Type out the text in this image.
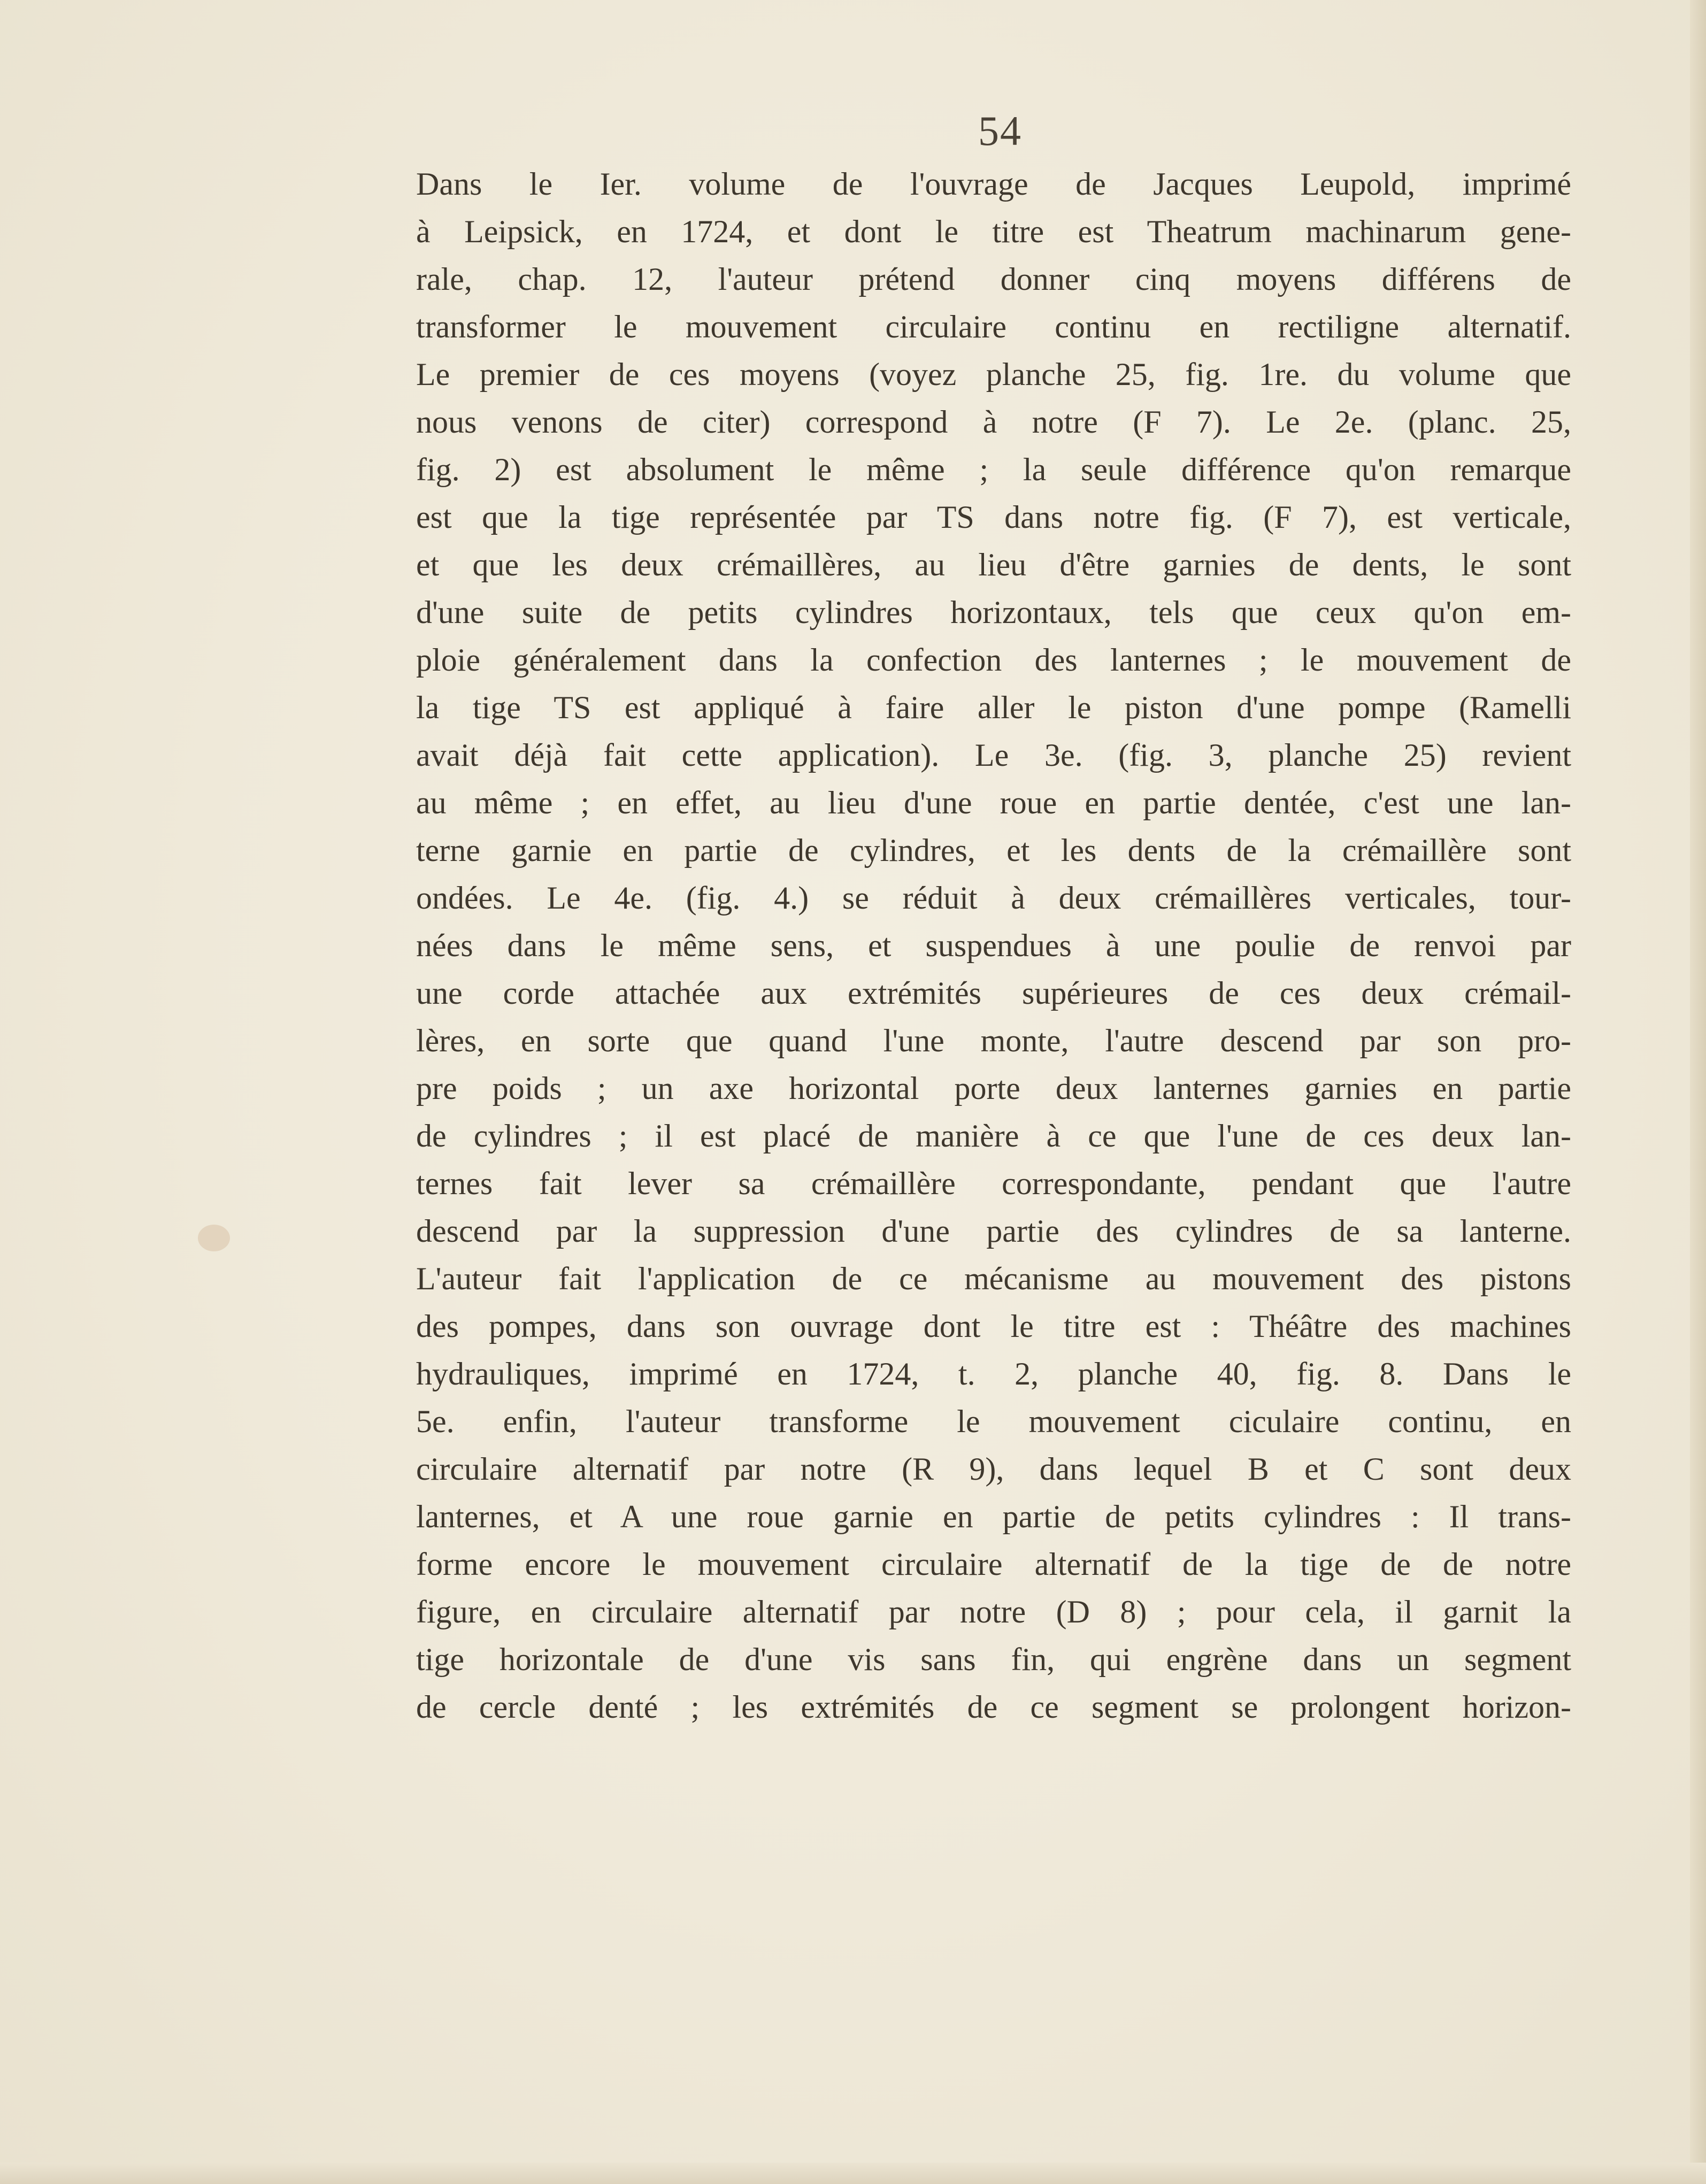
54
Dans le Ier. volume de l'ouvrage de Jacques Leupold, imprimé
à Leipsick, en 1724, et dont le titre est Theatrum machinarum gene-
rale, chap. 12, l'auteur prétend donner cinq moyens différens de
transformer le mouvement circulaire continu en rectiligne alternatif.
Le premier de ces moyens (voyez planche 25, fig. 1re. du volume que
nous venons de citer) correspond à notre (F 7). Le 2e. (planc. 25,
fig. 2) est absolument le même ; la seule différence qu'on remarque
est que la tige représentée par TS dans notre fig. (F 7), est verticale,
et que les deux crémaillères, au lieu d'être garnies de dents, le sont
d'une suite de petits cylindres horizontaux, tels que ceux qu'on em-
ploie généralement dans la confection des lanternes ; le mouvement de
la tige TS est appliqué à faire aller le piston d'une pompe (Ramelli
avait déjà fait cette application). Le 3e. (fig. 3, planche 25) revient
au même ; en effet, au lieu d'une roue en partie dentée, c'est une lan-
terne garnie en partie de cylindres, et les dents de la crémaillère sont
ondées. Le 4e. (fig. 4.) se réduit à deux crémaillères verticales, tour-
nées dans le même sens, et suspendues à une poulie de renvoi par
une corde attachée aux extrémités supérieures de ces deux crémail-
lères, en sorte que quand l'une monte, l'autre descend par son pro-
pre poids ; un axe horizontal porte deux lanternes garnies en partie
de cylindres ; il est placé de manière à ce que l'une de ces deux lan-
ternes fait lever sa crémaillère correspondante, pendant que l'autre
descend par la suppression d'une partie des cylindres de sa lanterne.
L'auteur fait l'application de ce mécanisme au mouvement des pistons
des pompes, dans son ouvrage dont le titre est : Théâtre des machines
hydrauliques, imprimé en 1724, t. 2, planche 40, fig. 8. Dans le
5e. enfin, l'auteur transforme le mouvement ciculaire continu, en
circulaire alternatif par notre (R 9), dans lequel B et C sont deux
lanternes, et A une roue garnie en partie de petits cylindres : Il trans-
forme encore le mouvement circulaire alternatif de la tige de de notre
figure, en circulaire alternatif par notre (D 8) ; pour cela, il garnit la
tige horizontale de d'une vis sans fin, qui engrène dans un segment
de cercle denté ; les extrémités de ce segment se prolongent horizon-
